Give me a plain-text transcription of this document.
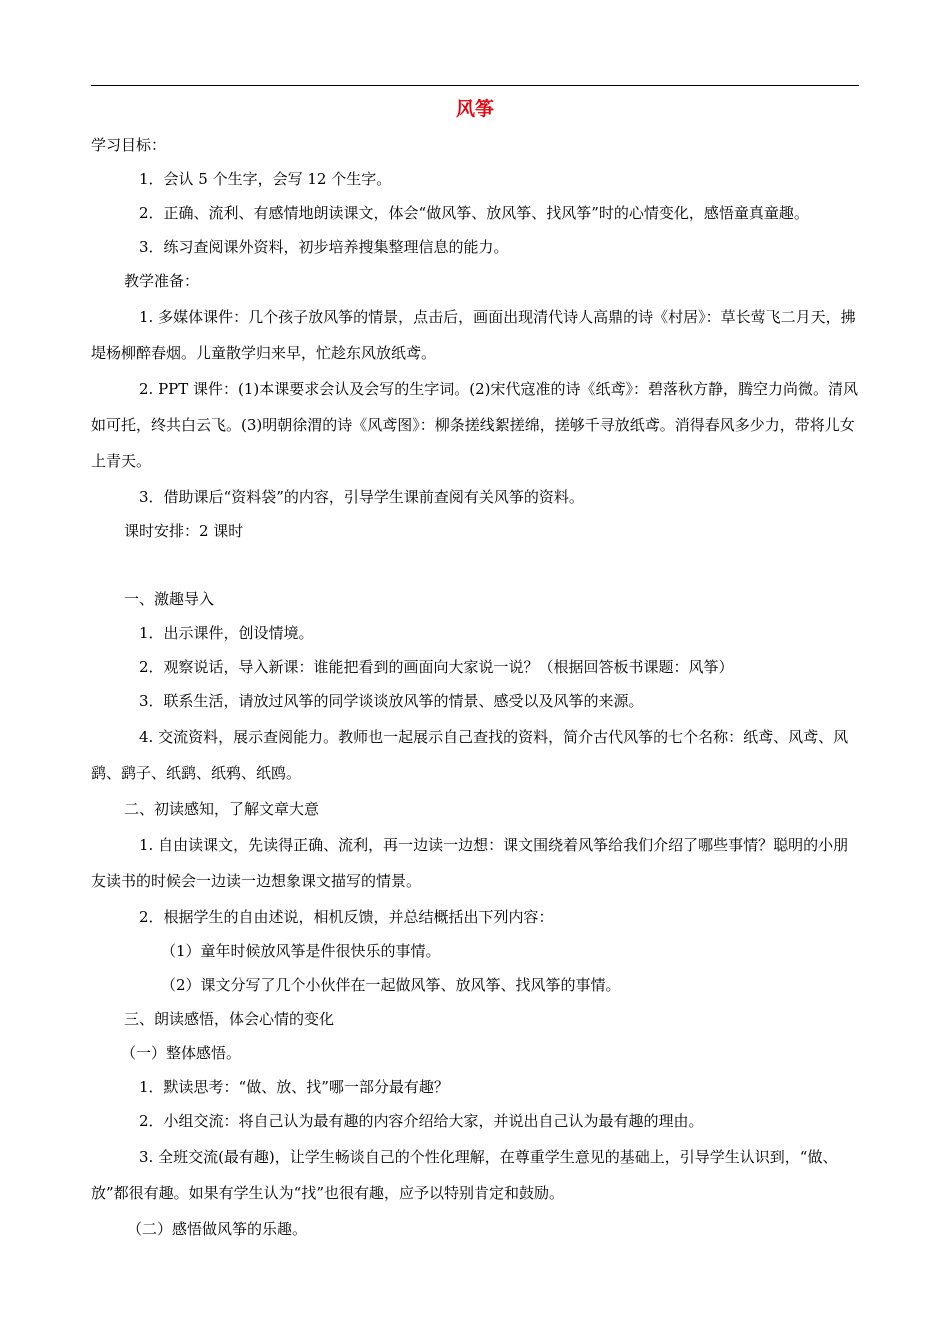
风筝

学习目标：

1．会认 5 个生字，会写 12 个生字。

2．正确、流利、有感情地朗读课文，体会“做风筝、放风筝、找风筝”时的心情变化，感悟童真童趣。

3．练习查阅课外资料，初步培养搜集整理信息的能力。

教学准备：

1. 多媒体课件：几个孩子放风筝的情景，点击后，画面出现清代诗人高鼎的诗《村居》：草长莺飞二月天，拂堤杨柳醉春烟。儿童散学归来早，忙趁东风放纸鸢。

2. PPT 课件：(1)本课要求会认及会写的生字词。(2)宋代寇准的诗《纸鸢》：碧落秋方静，腾空力尚微。清风如可托，终共白云飞。(3)明朝徐渭的诗《风鸢图》：柳条搓线絮搓绵，搓够千寻放纸鸢。消得春风多少力，带将儿女上青天。

3．借助课后“资料袋”的内容，引导学生课前查阅有关风筝的资料。

课时安排：2 课时

一、激趣导入

1．出示课件，创设情境。

2．观察说话，导入新课：谁能把看到的画面向大家说一说？（根据回答板书课题：风筝）

3．联系生活，请放过风筝的同学谈谈放风筝的情景、感受以及风筝的来源。

4. 交流资料，展示查阅能力。教师也一起展示自己查找的资料，简介古代风筝的七个名称：纸鸢、风鸢、风鹞、鹞子、纸鹞、纸鸦、纸鸥。

二、初读感知，了解文章大意

1. 自由读课文，先读得正确、流利，再一边读一边想：课文围绕着风筝给我们介绍了哪些事情？聪明的小朋友读书的时候会一边读一边想象课文描写的情景。

2．根据学生的自由述说，相机反馈，并总结概括出下列内容：

（1）童年时候放风筝是件很快乐的事情。

（2）课文分写了几个小伙伴在一起做风筝、放风筝、找风筝的事情。

三、朗读感悟，体会心情的变化

（一）整体感悟。

1．默读思考：“做、放、找”哪一部分最有趣？

2．小组交流：将自己认为最有趣的内容介绍给大家，并说出自己认为最有趣的理由。

3. 全班交流(最有趣)，让学生畅谈自己的个性化理解，在尊重学生意见的基础上，引导学生认识到，“做、放”都很有趣。如果有学生认为“找”也很有趣，应予以特别肯定和鼓励。

（二）感悟做风筝的乐趣。
